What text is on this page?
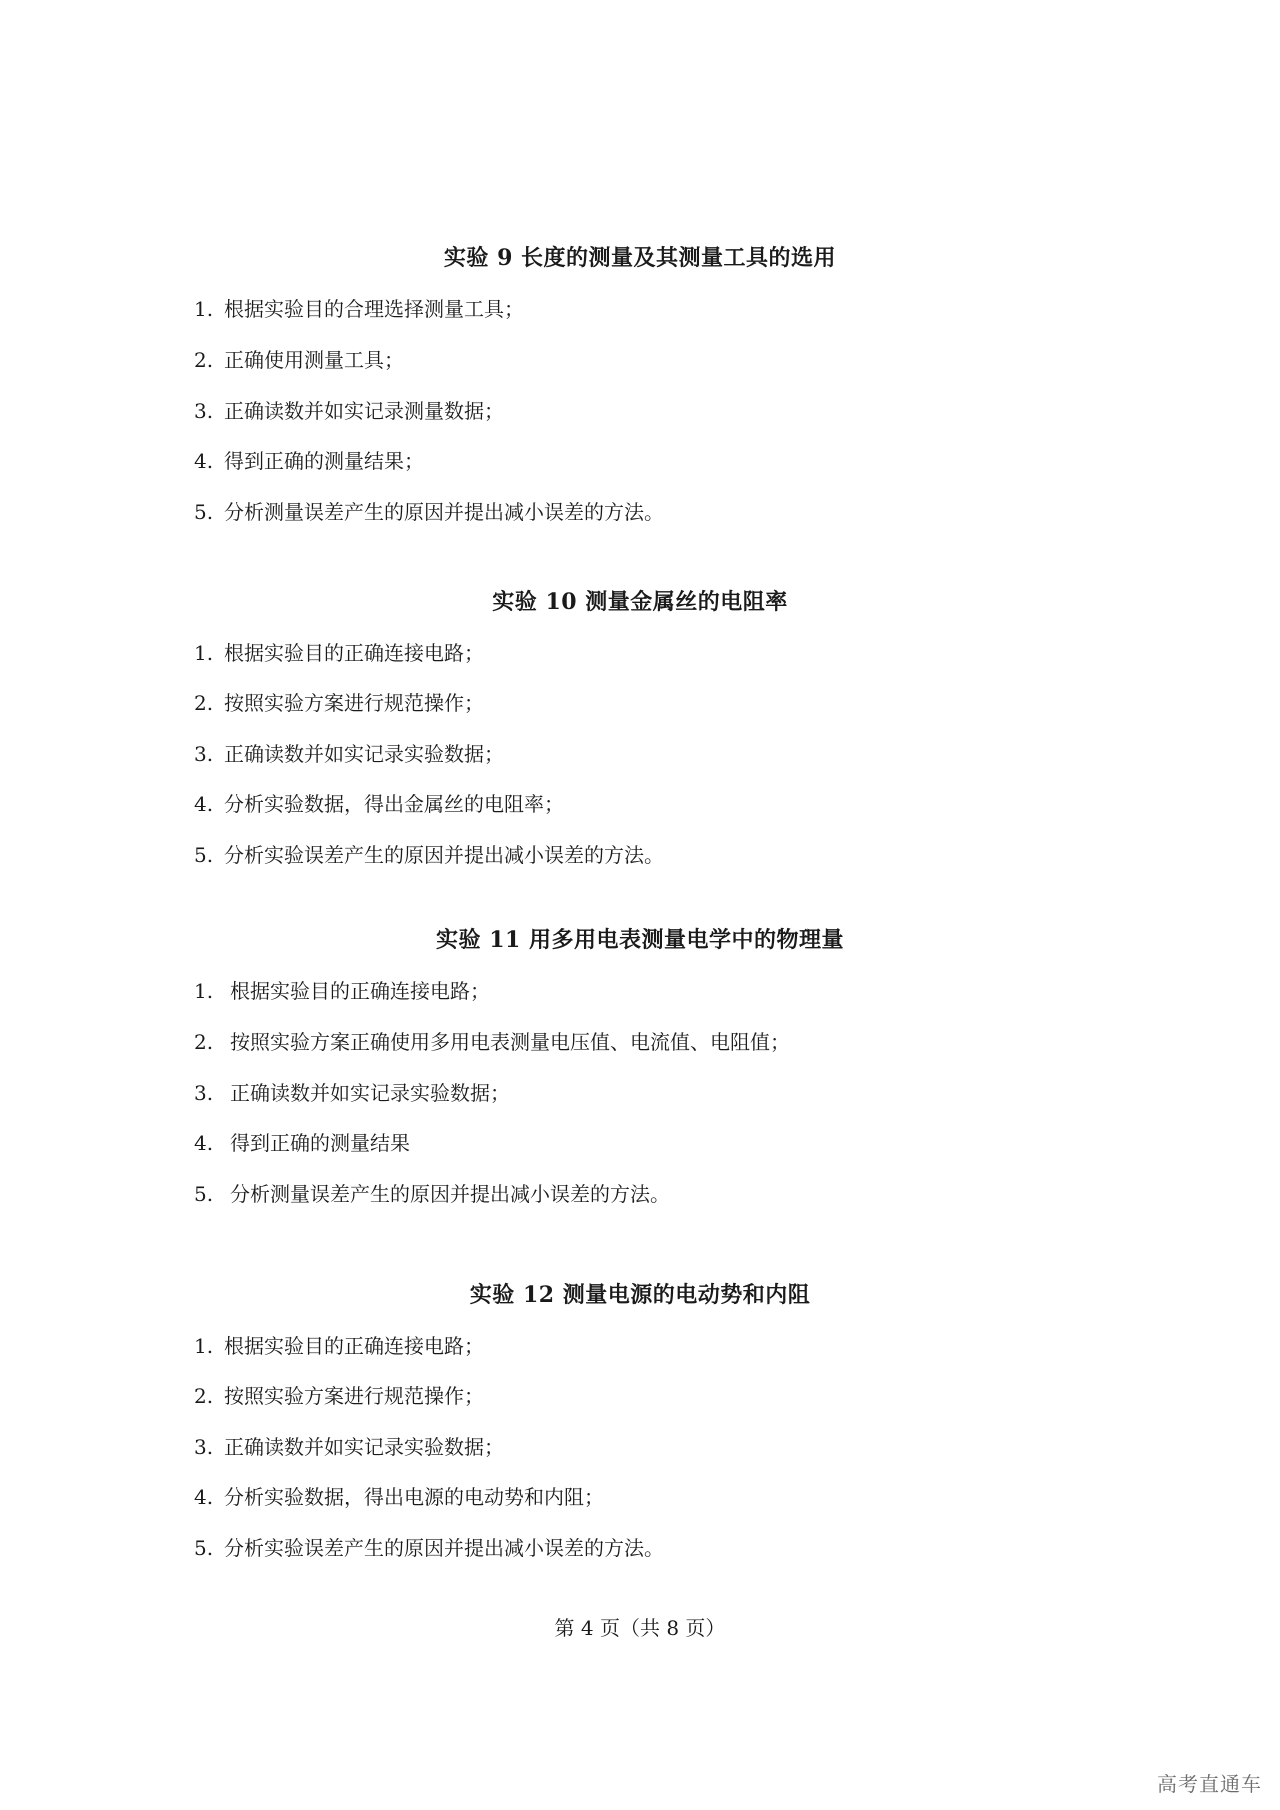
实验 9 长度的测量及其测量工具的选用
1. 根据实验目的合理选择测量工具；
2. 正确使用测量工具；
3. 正确读数并如实记录测量数据；
4. 得到正确的测量结果；
5. 分析测量误差产生的原因并提出减小误差的方法。
实验 10 测量金属丝的电阻率
1. 根据实验目的正确连接电路；
2. 按照实验方案进行规范操作；
3. 正确读数并如实记录实验数据；
4. 分析实验数据，得出金属丝的电阻率；
5. 分析实验误差产生的原因并提出减小误差的方法。
实验 11 用多用电表测量电学中的物理量
1. 根据实验目的正确连接电路；
2. 按照实验方案正确使用多用电表测量电压值、电流值、电阻值；
3. 正确读数并如实记录实验数据；
4. 得到正确的测量结果
5. 分析测量误差产生的原因并提出减小误差的方法。
实验 12 测量电源的电动势和内阻
1. 根据实验目的正确连接电路；
2. 按照实验方案进行规范操作；
3. 正确读数并如实记录实验数据；
4. 分析实验数据，得出电源的电动势和内阻；
5. 分析实验误差产生的原因并提出减小误差的方法。
第 4 页（共 8 页）
高考直通车
